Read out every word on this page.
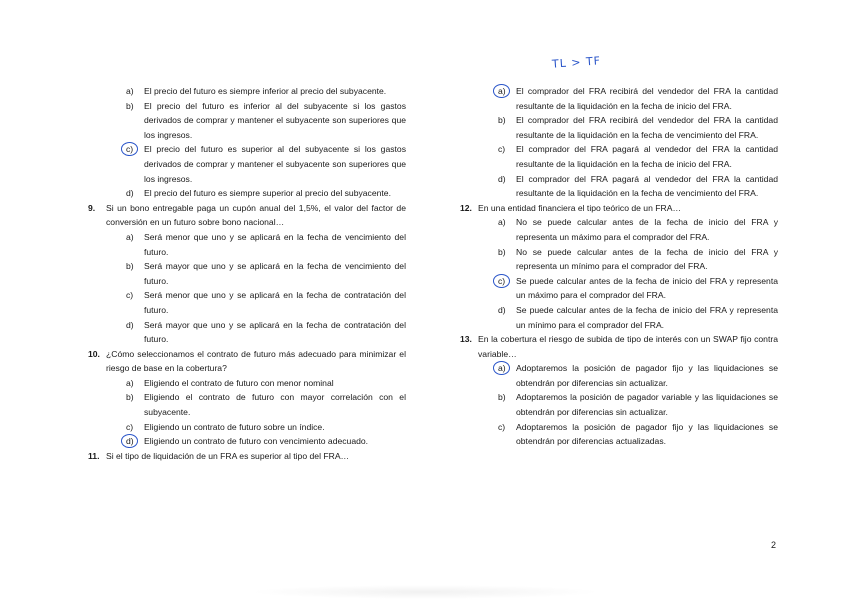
TL > TF
a) El precio del futuro es siempre inferior al precio del subyacente.
b) El precio del futuro es inferior al del subyacente si los gastos derivados de comprar y mantener el subyacente son superiores que los ingresos.
c) El precio del futuro es superior al del subyacente si los gastos derivados de comprar y mantener el subyacente son superiores que los ingresos.
d) El precio del futuro es siempre superior al precio del subyacente.
9. Si un bono entregable paga un cupón anual del 1,5%, el valor del factor de conversión en un futuro sobre bono nacional…
a) Será menor que uno y se aplicará en la fecha de vencimiento del futuro.
b) Será mayor que uno y se aplicará en la fecha de vencimiento del futuro.
c) Será menor que uno y se aplicará en la fecha de contratación del futuro.
d) Será mayor que uno y se aplicará en la fecha de contratación del futuro.
10. ¿Cómo seleccionamos el contrato de futuro más adecuado para minimizar el riesgo de base en la cobertura?
a) Eligiendo el contrato de futuro con menor nominal
b) Eligiendo el contrato de futuro con mayor correlación con el subyacente.
c) Eligiendo un contrato de futuro sobre un índice.
d) Eligiendo un contrato de futuro con vencimiento adecuado.
11. Si el tipo de liquidación de un FRA es superior al tipo del FRA…
a) El comprador del FRA recibirá del vendedor del FRA la cantidad resultante de la liquidación en la fecha de inicio del FRA.
b) El comprador del FRA recibirá del vendedor del FRA la cantidad resultante de la liquidación en la fecha de vencimiento del FRA.
c) El comprador del FRA pagará al vendedor del FRA la cantidad resultante de la liquidación en la fecha de inicio del FRA.
d) El comprador del FRA pagará al vendedor del FRA la cantidad resultante de la liquidación en la fecha de vencimiento del FRA.
12. En una entidad financiera el tipo teórico de un FRA…
a) No se puede calcular antes de la fecha de inicio del FRA y representa un máximo para el comprador del FRA.
b) No se puede calcular antes de la fecha de inicio del FRA y representa un mínimo para el comprador del FRA.
c) Se puede calcular antes de la fecha de inicio del FRA y representa un máximo para el comprador del FRA.
d) Se puede calcular antes de la fecha de inicio del FRA y representa un mínimo para el comprador del FRA.
13. En la cobertura el riesgo de subida de tipo de interés con un SWAP fijo contra variable…
a) Adoptaremos la posición de pagador fijo y las liquidaciones se obtendrán por diferencias sin actualizar.
b) Adoptaremos la posición de pagador variable y las liquidaciones se obtendrán por diferencias sin actualizar.
c) Adoptaremos la posición de pagador fijo y las liquidaciones se obtendrán por diferencias actualizadas.
2
